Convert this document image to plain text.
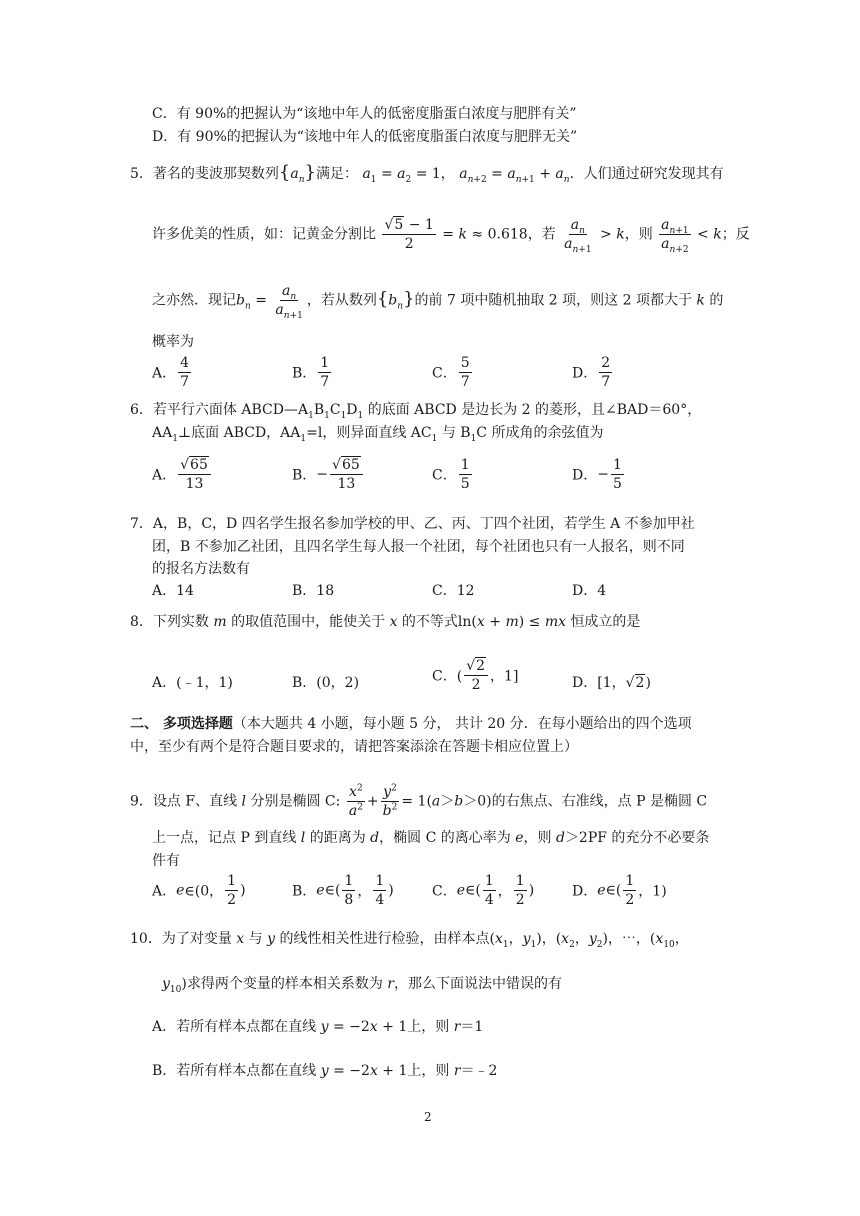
C．有 90%的把握认为“该地中年人的低密度脂蛋白浓度与肥胖有关”
D．有 90%的把握认为“该地中年人的低密度脂蛋白浓度与肥胖无关”
5．著名的斐波那契数列$\{a_n\}$满足： $a_1 = a_2 = 1$， $a_{n+2} = a_{n+1} + a_n$．人们通过研究发现其有
许多优美的性质，如：记黄金分割比 $\frac{√5 - 1}{2} = k \approx 0.618$，若 $\frac{a_n}{a_{n+1}} > k$，则 $\frac{a_{n+1}}{a_{n+2}} < k$；反
之亦然．现记$b_n = \frac{a_n}{a_{n+1}}$ ，若从数列$\{b_n\}$的前 7 项中随机抽取 2 项，则这 2 项都大于 k 的
概率为
A． $\frac{4}{7}$	B． $\frac{1}{7}$	C． $\frac{5}{7}$	D． $\frac{2}{7}$
6．若平行六面体 $ABCD—A_1B_1C_1D_1$ 的底面 ABCD 是边长为 2 的菱形，且∠BAD＝60°，
$AA_1\perp$底面 ABCD，$AA_1=l$，则异面直线 $AC_1$ 与 $B_1C$ 所成角的余弦值为
A． $\frac{√65}{13}$	B．− $\frac{√65}{13}$	C． $\frac{1}{5}$	D．− $\frac{1}{5}$
7．A，B，C，D 四名学生报名参加学校的甲、乙、丙、丁四个社团，若学生 A 不参加甲社
团，B 不参加乙社团，且四名学生每人报一个社团，每个社团也只有一人报名，则不同
的报名方法数有
A．14	B．18	C．12	D．4
8．下列实数 m 的取值范围中，能使关于 x 的不等式ln(x + m) ≤ mx 恒成立的是
A．(﹣1，1)	B．(0，2)	C．( $\frac{√2}{2}$ ，1]	D．[1，√2)
二、 多项选择题（本大题共 4 小题，每小题 5 分， 共计 20 分．在每小题给出的四个选项
中，至少有两个是符合题目要求的，请把答案添涂在答题卡相应位置上）
9．设点 F、直线 l 分别是椭圆 C: $\frac{x^2}{a^2} + \frac{y^2}{b^2} = 1(a>b>0)$的右焦点、右准线，点 P 是椭圆 C
上一点，记点 P 到直线 l 的距离为 d，椭圆 C 的离心率为 e，则 d＞2PF 的充分不必要条
件有
A．e∈(0， $\frac{1}{2}$ )	B．e∈( $\frac{1}{8}$ ， $\frac{1}{4}$ )	C．e∈( $\frac{1}{4}$ ， $\frac{1}{2}$ )	D．e∈( $\frac{1}{2}$ ，1)
10．为了对变量 x 与 y 的线性相关性进行检验，由样本点($x_1$，$y_1$)，($x_2$，$y_2$)，⋯，($x_{10}$，
$y_{10}$)求得两个变量的样本相关系数为 r，那么下面说法中错误的有
A．若所有样本点都在直线 y = −2x + 1上，则 r＝1
B．若所有样本点都在直线 y = −2x + 1上，则 r＝﹣2
2
